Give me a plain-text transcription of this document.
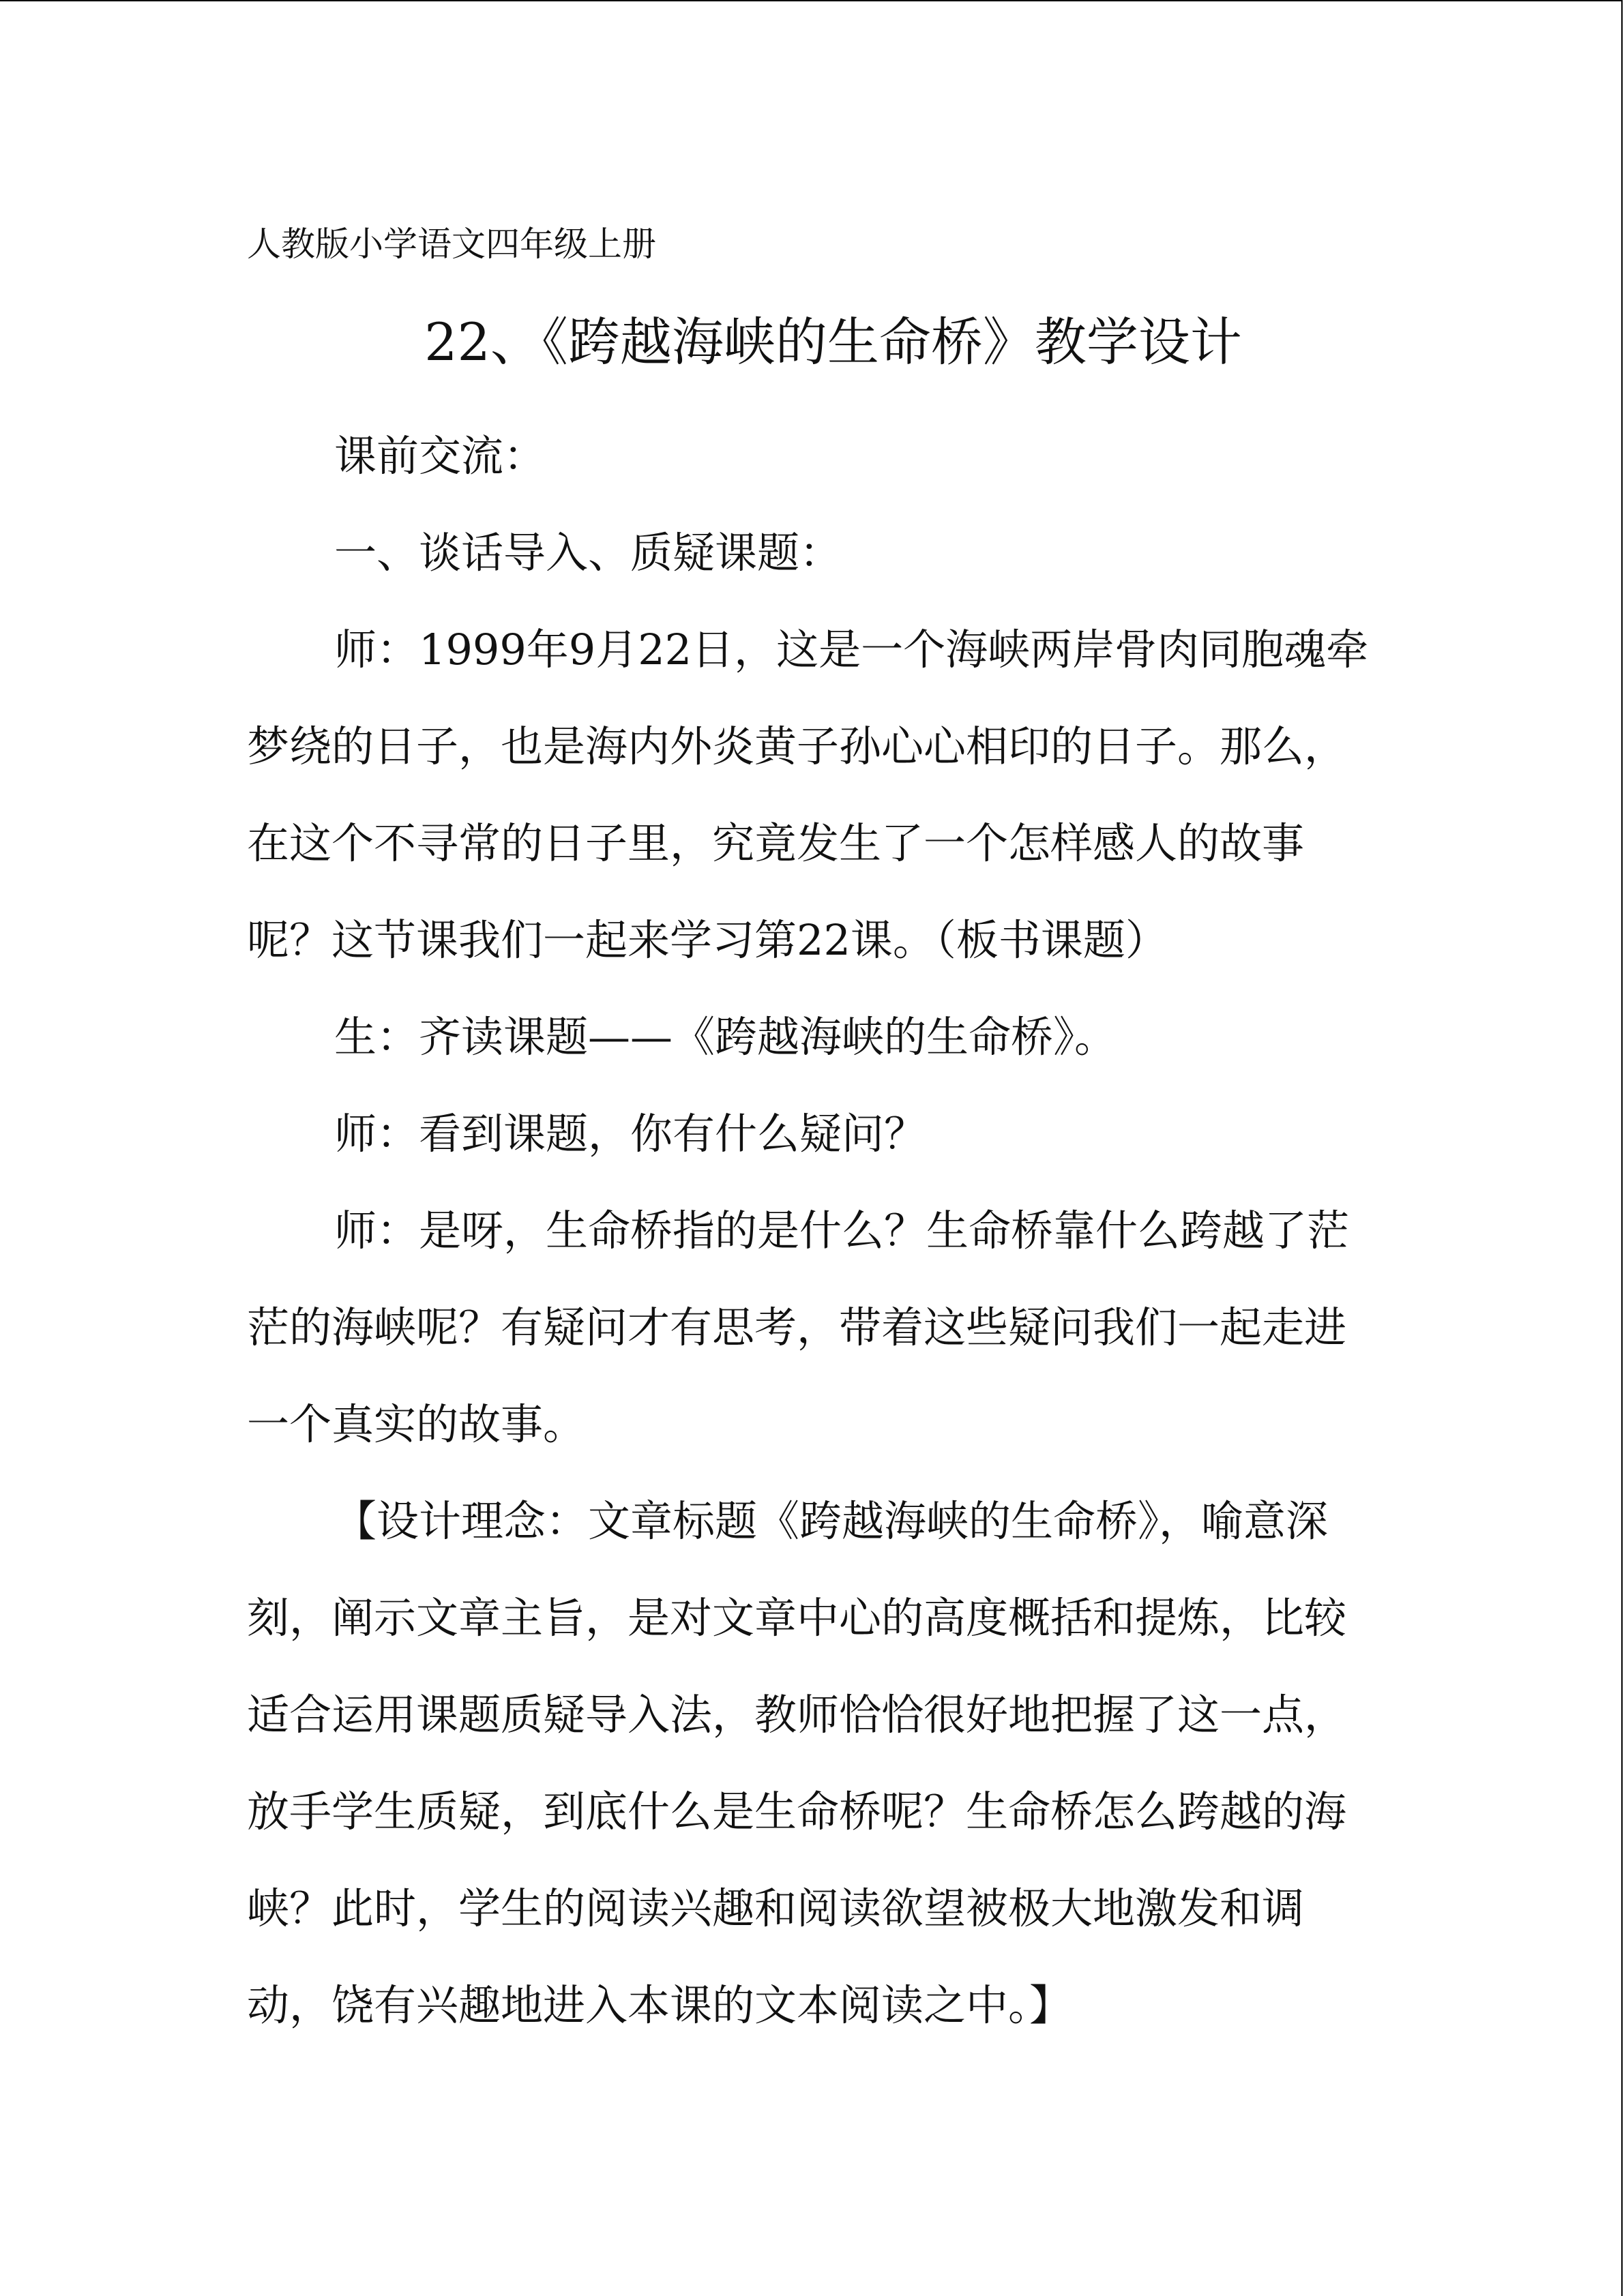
人教版小学语文四年级上册
22、《跨越海峡的生命桥》教学设计

课前交流：

一、谈话导入、质疑课题：

师：1999年9月22日，这是一个海峡两岸骨肉同胞魂牵梦绕的日子，也是海内外炎黄子孙心心相印的日子。那么，在这个不寻常的日子里，究竟发生了一个怎样感人的故事呢？这节课我们一起来学习第22课。（板书课题）

生：齐读课题——《跨越海峡的生命桥》。

师：看到课题，你有什么疑问？

师：是呀，生命桥指的是什么？生命桥靠什么跨越了茫茫的海峡呢？有疑问才有思考，带着这些疑问我们一起走进一个真实的故事。

【设计理念：文章标题《跨越海峡的生命桥》，喻意深刻，阐示文章主旨，是对文章中心的高度概括和提炼，比较适合运用课题质疑导入法，教师恰恰很好地把握了这一点，放手学生质疑，到底什么是生命桥呢？生命桥怎么跨越的海峡？此时，学生的阅读兴趣和阅读欲望被极大地激发和调动，饶有兴趣地进入本课的文本阅读之中。】
